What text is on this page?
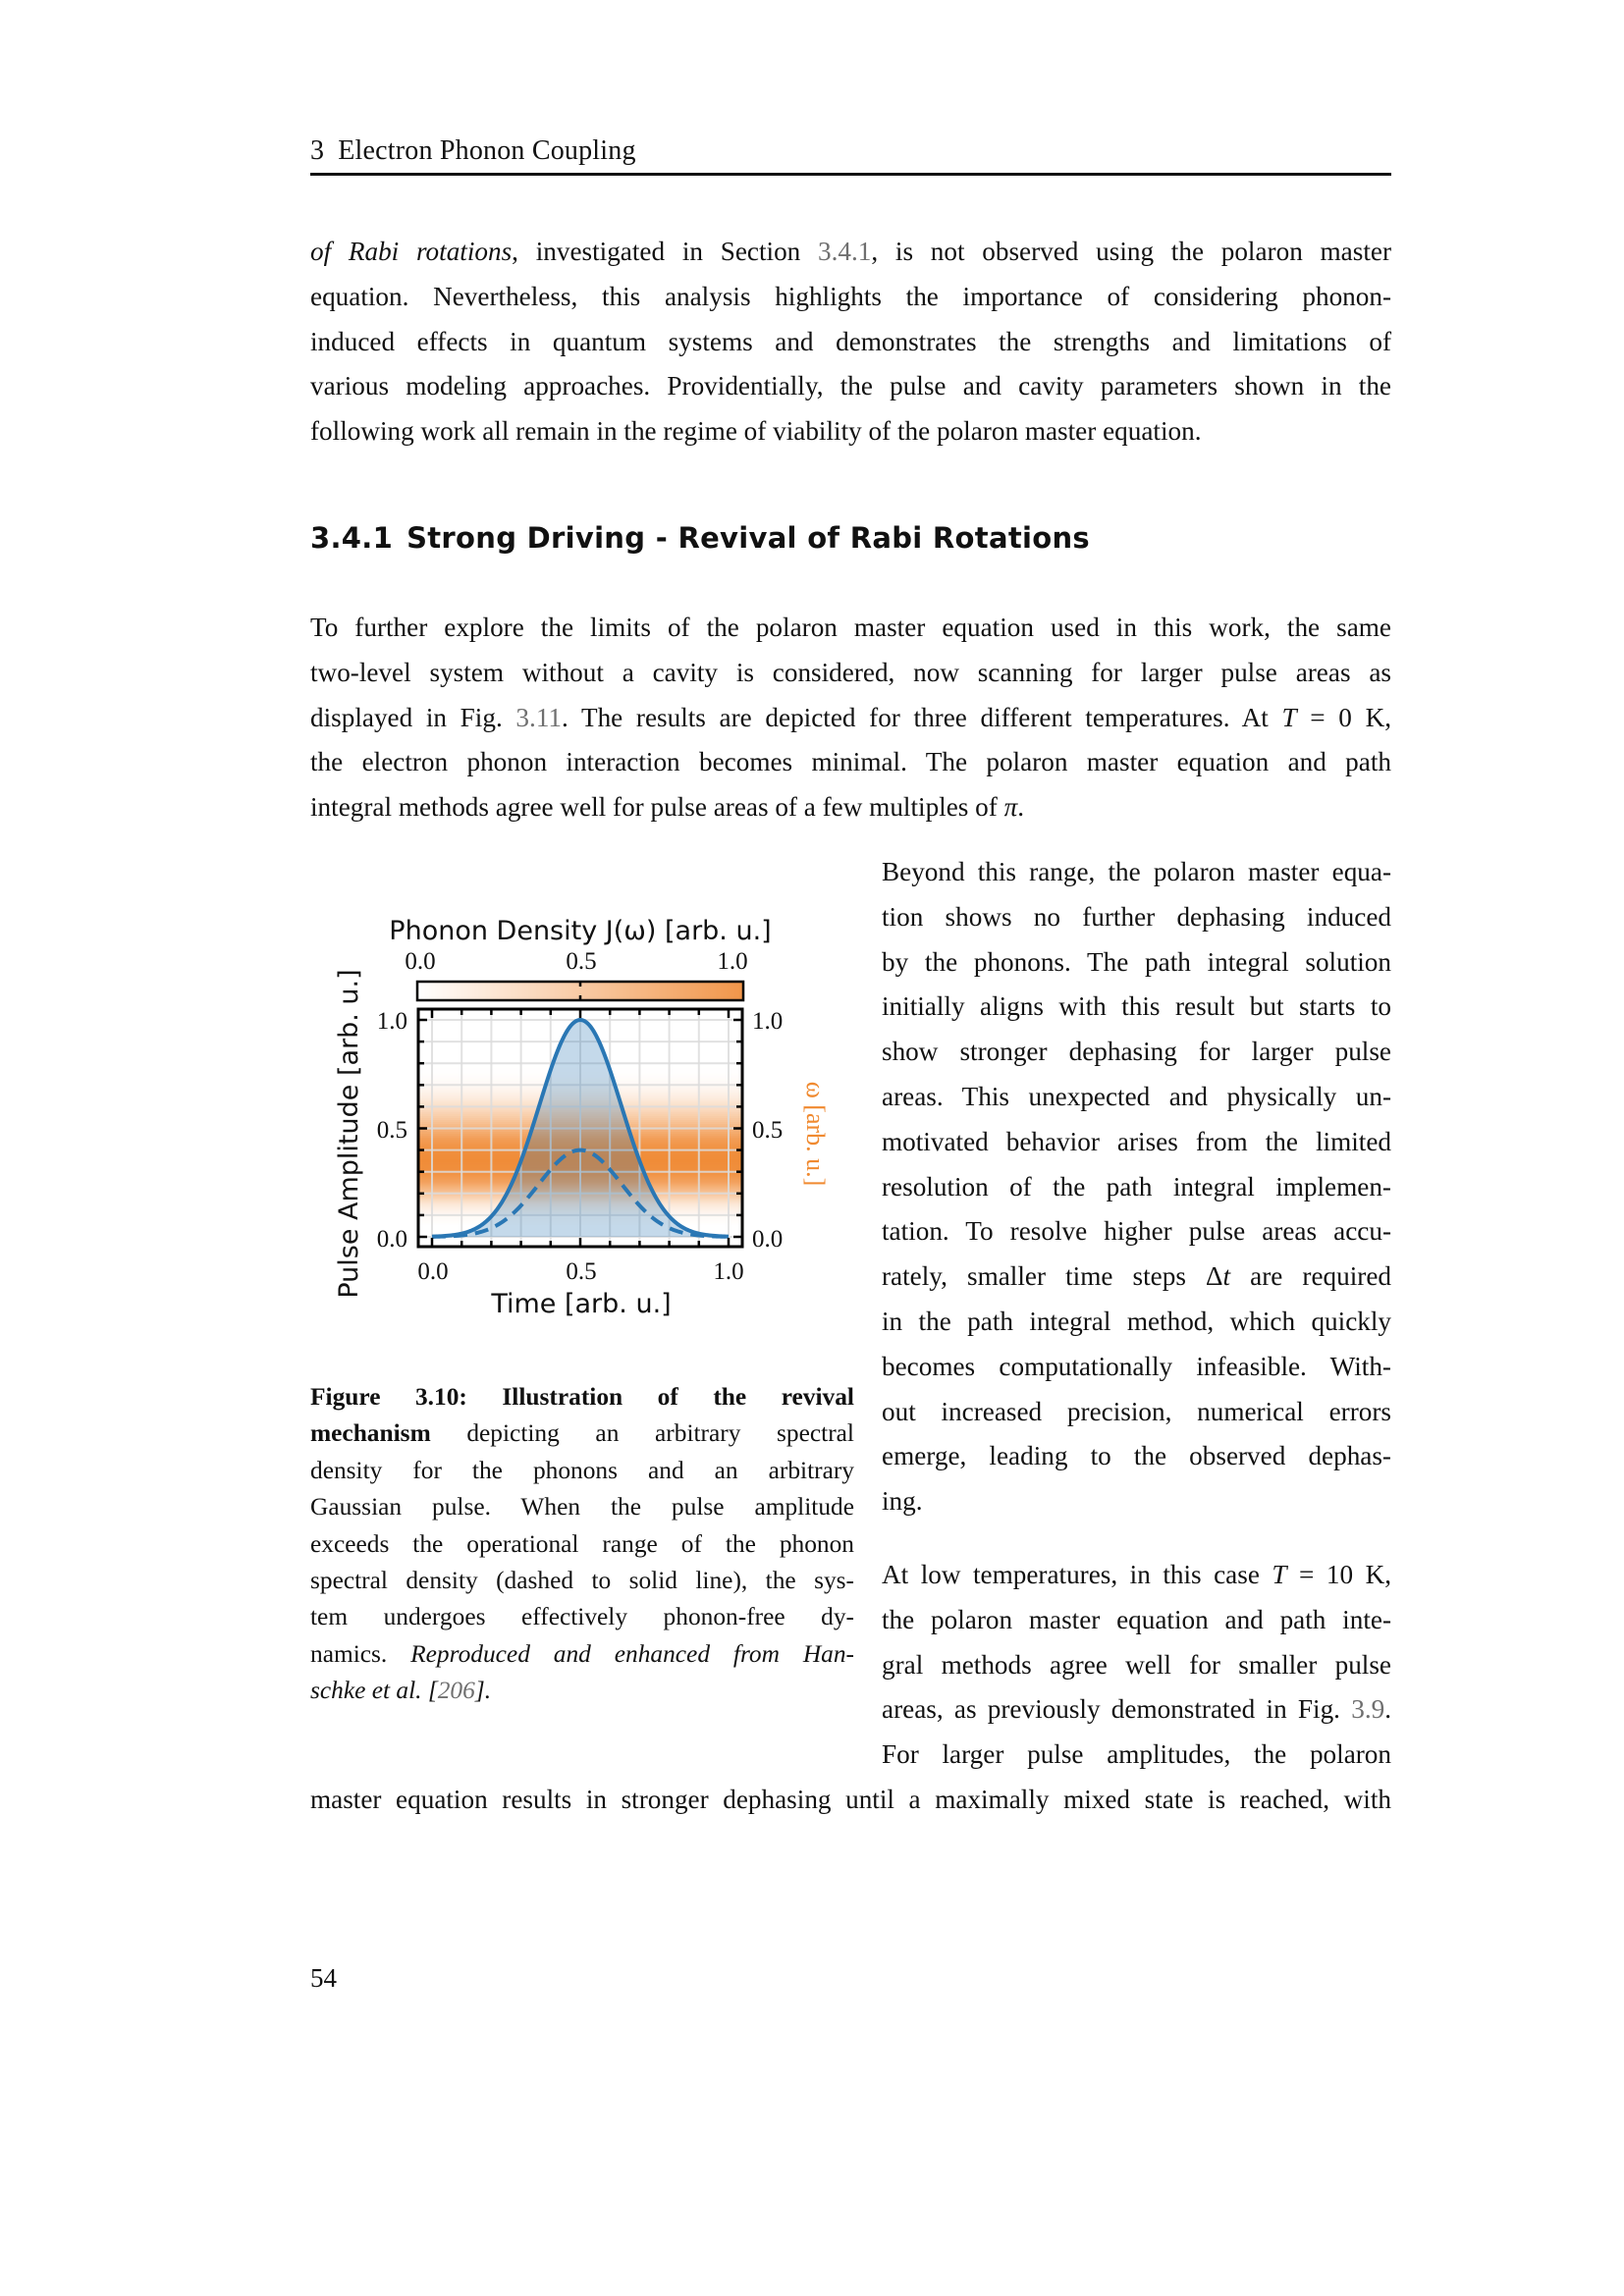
3 Electron Phonon Coupling
of Rabi rotations, investigated in Section 3.4.1, is not observed using the polaron master
equation. Nevertheless, this analysis highlights the importance of considering phonon-
induced effects in quantum systems and demonstrates the strengths and limitations of
various modeling approaches. Providentially, the pulse and cavity parameters shown in the
following work all remain in the regime of viability of the polaron master equation.
3.4.1 Strong Driving - Revival of Rabi Rotations
To further explore the limits of the polaron master equation used in this work, the same
two-level system without a cavity is considered, now scanning for larger pulse areas as
displayed in Fig. 3.11. The results are depicted for three different temperatures. At T = 0 K,
the electron phonon interaction becomes minimal. The polaron master equation and path
integral methods agree well for pulse areas of a few multiples of π.
Phonon Density J(ω) [arb. u.]
0.0	0.5	1.0
0.0
0.5
1.0
0.0
0.5
1.0
0.0	0.5	1.0
Time [arb. u.]
Pulse Amplitude [arb. u.]	ω [arb. u.]
Figure 3.10: Illustration of the revival
mechanism depicting an arbitrary spectral
density for the phonons and an arbitrary
Gaussian pulse. When the pulse amplitude
exceeds the operational range of the phonon
spectral density (dashed to solid line), the sys-
tem undergoes effectively phonon-free dy-
namics. Reproduced and enhanced from Han-
schke et al. [206].
Beyond this range, the polaron master equa-
tion shows no further dephasing induced
by the phonons. The path integral solution
initially aligns with this result but starts to
show stronger dephasing for larger pulse
areas. This unexpected and physically un-
motivated behavior arises from the limited
resolution of the path integral implemen-
tation. To resolve higher pulse areas accu-
rately, smaller time steps Δt are required
in the path integral method, which quickly
becomes computationally infeasible. With-
out increased precision, numerical errors
emerge, leading to the observed dephas-
ing.
At low temperatures, in this case T = 10 K,
the polaron master equation and path inte-
gral methods agree well for smaller pulse
areas, as previously demonstrated in Fig. 3.9.
For larger pulse amplitudes, the polaron
master equation results in stronger dephasing until a maximally mixed state is reached, with
54
